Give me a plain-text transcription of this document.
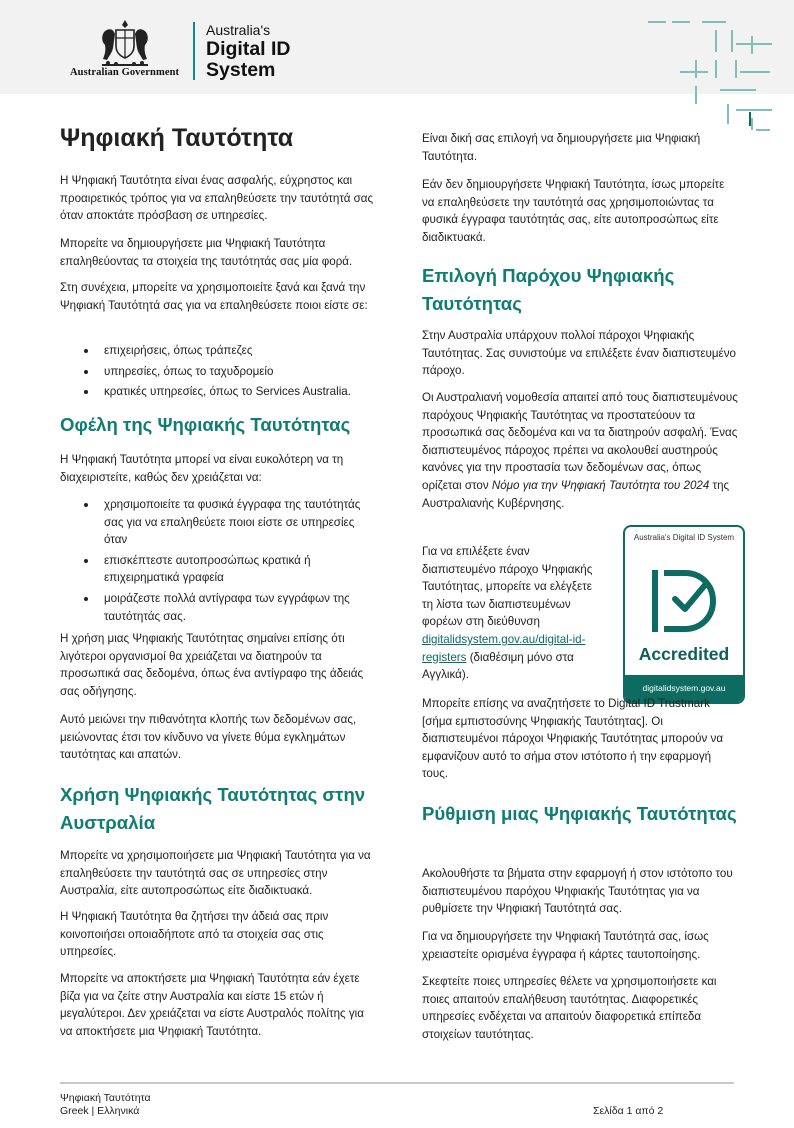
Australian Government
Australia's
Digital ID
System
Ψηφιακή Ταυτότητα

Η Ψηφιακή Ταυτότητα είναι ένας ασφαλής, εύχρηστος και προαιρετικός τρόπος για να επαληθεύσετε την ταυτότητά σας όταν αποκτάτε πρόσβαση σε υπηρεσίες.

Μπορείτε να δημιουργήσετε μια Ψηφιακή Ταυτότητα επαληθεύοντας τα στοιχεία της ταυτότητάς σας μία φορά.

Στη συνέχεια, μπορείτε να χρησιμοποιείτε ξανά και ξανά την Ψηφιακή Ταυτότητά σας για να επαληθεύσετε ποιοι είστε σε:

επιχειρήσεις, όπως τράπεζες
υπηρεσίες, όπως το ταχυδρομείο
κρατικές υπηρεσίες, όπως το Services Australia.
Οφέλη της Ψηφιακής Ταυτότητας

Η Ψηφιακή Ταυτότητα μπορεί να είναι ευκολότερη να τη διαχειριστείτε, καθώς δεν χρειάζεται να:

χρησιμοποιείτε τα φυσικά έγγραφα της ταυτότητάς σας για να επαληθεύετε ποιοι είστε σε υπηρεσίες όταν
επισκέπτεστε αυτοπροσώπως κρατικά ή επιχειρηματικά γραφεία
μοιράζεστε πολλά αντίγραφα των εγγράφων της ταυτότητάς σας.

Η χρήση μιας Ψηφιακής Ταυτότητας σημαίνει επίσης ότι λιγότεροι οργανισμοί θα χρειάζεται να διατηρούν τα προσωπικά σας δεδομένα, όπως ένα αντίγραφο της άδειάς σας οδήγησης.

Αυτό μειώνει την πιθανότητα κλοπής των δεδομένων σας, μειώνοντας έτσι τον κίνδυνο να γίνετε θύμα εγκλημάτων ταυτότητας και απατών.

Χρήση Ψηφιακής Ταυτότητας στην Αυστραλία

Μπορείτε να χρησιμοποιήσετε μια Ψηφιακή Ταυτότητα για να επαληθεύσετε την ταυτότητά σας σε υπηρεσίες στην Αυστραλία, είτε αυτοπροσώπως είτε διαδικτυακά.

Η Ψηφιακή Ταυτότητα θα ζητήσει την άδειά σας πριν κοινοποιήσει οποιαδήποτε από τα στοιχεία σας στις υπηρεσίες.

Μπορείτε να αποκτήσετε μια Ψηφιακή Ταυτότητα εάν έχετε βίζα για να ζείτε στην Αυστραλία και είστε 15 ετών ή μεγαλύτεροι. Δεν χρειάζεται να είστε Αυστραλός πολίτης για να αποκτήσετε μια Ψηφιακή Ταυτότητα.

Είναι δική σας επιλογή να δημιουργήσετε μια Ψηφιακή Ταυτότητα.

Εάν δεν δημιουργήσετε Ψηφιακή Ταυτότητα, ίσως μπορείτε να επαληθεύσετε την ταυτότητά σας χρησιμοποιώντας τα φυσικά έγγραφα ταυτότητάς σας, είτε αυτοπροσώπως είτε διαδικτυακά.

Επιλογή Παρόχου Ψηφιακής Ταυτότητας

Στην Αυστραλία υπάρχουν πολλοί πάροχοι Ψηφιακής Ταυτότητας. Σας συνιστούμε να επιλέξετε έναν διαπιστευμένο πάροχο.

Οι Αυστραλιανή νομοθεσία απαιτεί από τους διαπιστευμένους παρόχους Ψηφιακής Ταυτότητας να προστατεύουν τα προσωπικά σας δεδομένα και να τα διατηρούν ασφαλή. Ένας διαπιστευμένος πάροχος πρέπει να ακολουθεί αυστηρούς κανόνες για την προστασία των δεδομένων σας, όπως ορίζεται στον Νόμο για την Ψηφιακή Ταυτότητα του 2024 της Αυστραλιανής Κυβέρνησης.

Για να επιλέξετε έναν διαπιστευμένο πάροχο Ψηφιακής Ταυτότητας, μπορείτε να ελέγξετε τη λίστα των διαπιστευμένων φορέων στη διεύθυνση digitalidsystem.gov.au/digital-id-registers (διαθέσιμη μόνο στα Αγγλικά).

Australia's Digital ID System
Accredited
digitalidsystem.gov.au

Μπορείτε επίσης να αναζητήσετε το Digital ID Trustmark [σήμα εμπιστοσύνης Ψηφιακής Ταυτότητας]. Οι διαπιστευμένοι πάροχοι Ψηφιακής Ταυτότητας μπορούν να εμφανίζουν αυτό το σήμα στον ιστότοπο ή την εφαρμογή τους.

Ρύθμιση μιας Ψηφιακής Ταυτότητας

Ακολουθήστε τα βήματα στην εφαρμογή ή στον ιστότοπο του διαπιστευμένου παρόχου Ψηφιακής Ταυτότητας για να ρυθμίσετε την Ψηφιακή Ταυτότητά σας.

Για να δημιουργήσετε την Ψηφιακή Ταυτότητά σας, ίσως χρειαστείτε ορισμένα έγγραφα ή κάρτες ταυτοποίησης.

Σκεφτείτε ποιες υπηρεσίες θέλετε να χρησιμοποιήσετε και ποιες απαιτούν επαλήθευση ταυτότητας. Διαφορετικές υπηρεσίες ενδέχεται να απαιτούν διαφορετικά επίπεδα στοιχείων ταυτότητας.

Ψηφιακή Ταυτότητα
Greek | Ελληνικά	Σελίδα 1 από 2
